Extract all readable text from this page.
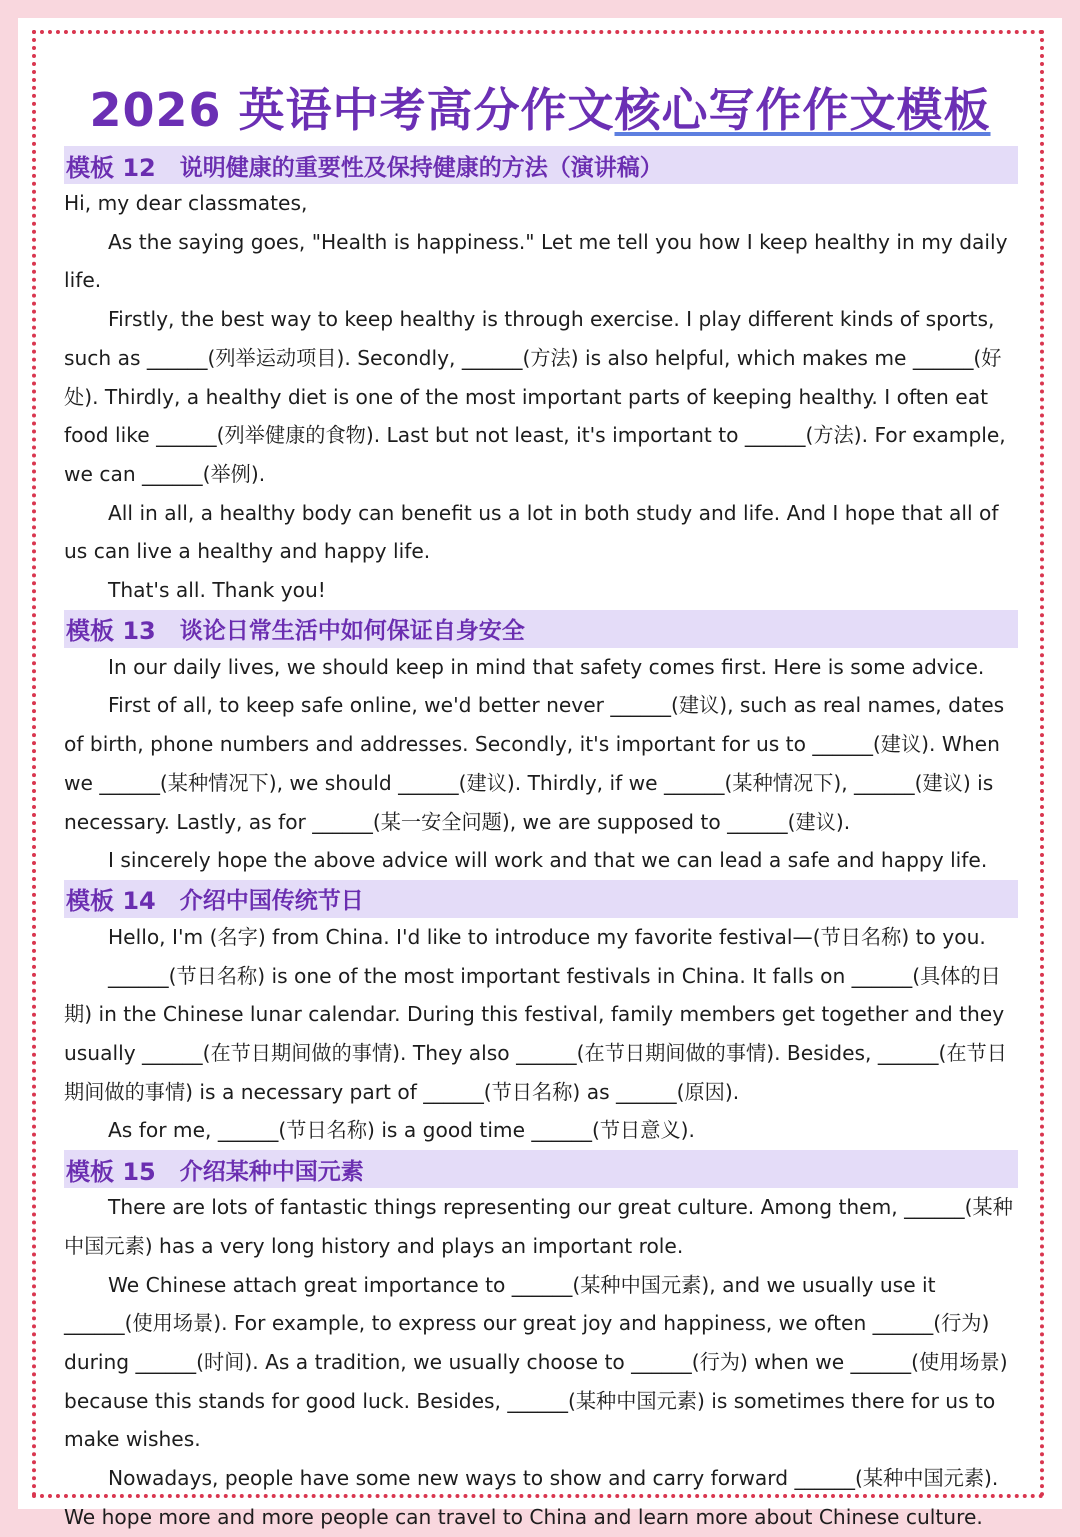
2026 英语中考高分作文核心写作作文模板
模板 12 说明健康的重要性及保持健康的方法（演讲稿）

Hi, my dear classmates,

As the saying goes, "Health is happiness." Let me tell you how I keep healthy in my daily life.

Firstly, the best way to keep healthy is through exercise. I play different kinds of sports, such as ______(列举运动项目). Secondly, ______(方法) is also helpful, which makes me ______(好处). Thirdly, a healthy diet is one of the most important parts of keeping healthy. I often eat food like ______(列举健康的食物). Last but not least, it's important to ______(方法). For example, we can ______(举例).

All in all, a healthy body can benefit us a lot in both study and life. And I hope that all of us can live a healthy and happy life.

That's all. Thank you!

模板 13 谈论日常生活中如何保证自身安全

In our daily lives, we should keep in mind that safety comes first. Here is some advice.

First of all, to keep safe online, we'd better never ______(建议), such as real names, dates of birth, phone numbers and addresses. Secondly, it's important for us to ______(建议). When we ______(某种情况下), we should ______(建议). Thirdly, if we ______(某种情况下), ______(建议) is necessary. Lastly, as for ______(某一安全问题), we are supposed to ______(建议).

I sincerely hope the above advice will work and that we can lead a safe and happy life.

模板 14 介绍中国传统节日

Hello, I'm (名字) from China. I'd like to introduce my favorite festival—(节日名称) to you.

______(节日名称) is one of the most important festivals in China. It falls on ______(具体的日期) in the Chinese lunar calendar. During this festival, family members get together and they usually ______(在节日期间做的事情). They also ______(在节日期间做的事情). Besides, ______(在节日期间做的事情) is a necessary part of ______(节日名称) as ______(原因).

As for me, ______(节日名称) is a good time ______(节日意义).

模板 15 介绍某种中国元素

There are lots of fantastic things representing our great culture. Among them, ______(某种中国元素) has a very long history and plays an important role.

We Chinese attach great importance to ______(某种中国元素), and we usually use it ______(使用场景). For example, to express our great joy and happiness, we often ______(行为) during ______(时间). As a tradition, we usually choose to ______(行为) when we ______(使用场景) because this stands for good luck. Besides, ______(某种中国元素) is sometimes there for us to make wishes.

Nowadays, people have some new ways to show and carry forward ______(某种中国元素). We hope more and more people can travel to China and learn more about Chinese culture.
